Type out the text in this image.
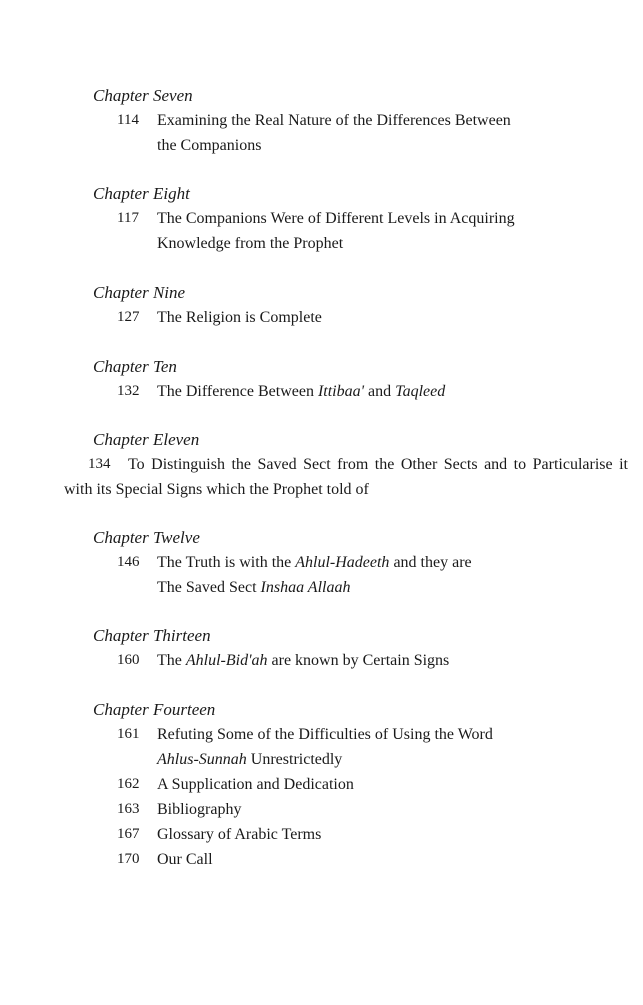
Chapter Seven
114 Examining the Real Nature of the Differences Between
the Companions
Chapter Eight
117 The Companions Were of Different Levels in Acquiring
Knowledge from the Prophet
Chapter Nine
127 The Religion is Complete
Chapter Ten
132 The Difference Between Ittibaa' and Taqleed
Chapter Eleven
134	To Distinguish the Saved Sect from the Other Sects and to Particularise it with its Special Signs which the Prophet told of
Chapter Twelve
146 The Truth is with the Ahlul-Hadeeth and they are
The Saved Sect Inshaa Allaah
Chapter Thirteen
160 The Ahlul-Bid'ah are known by Certain Signs
Chapter Fourteen
161 Refuting Some of the Difficulties of Using the Word
Ahlus-Sunnah Unrestrictedly
162 A Supplication and Dedication
163 Bibliography
167 Glossary of Arabic Terms
170 Our Call
